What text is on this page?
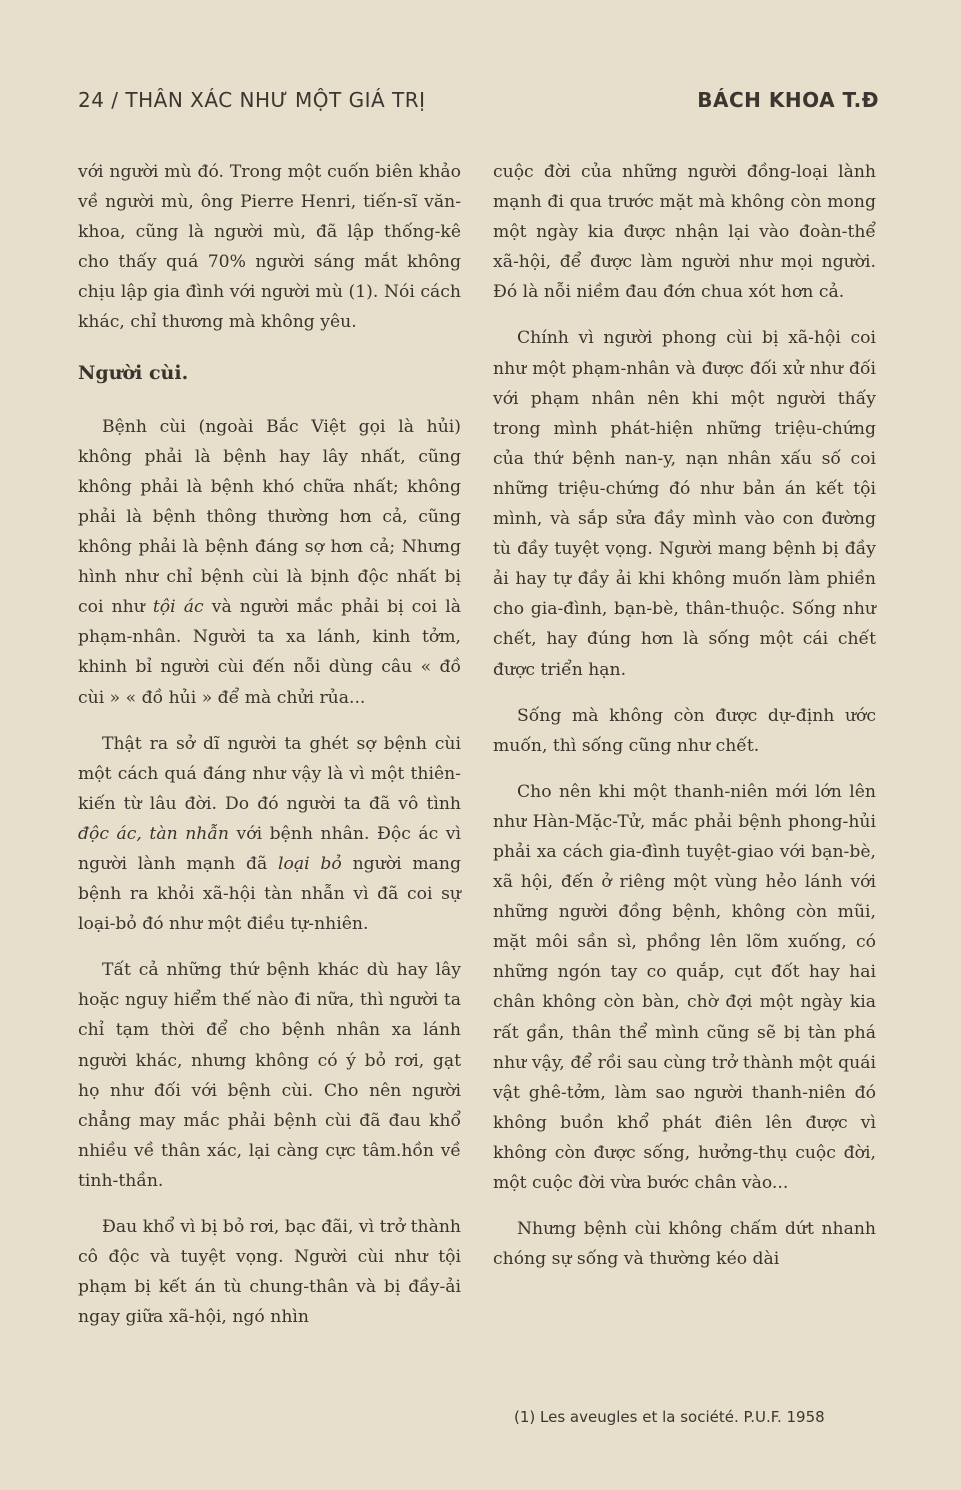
24 / THÂN XÁC NHƯ MỘT GIÁ TRỊ	BÁCH KHOA T.Đ

với người mù đó. Trong một cuốn biên khảo về người mù, ông Pierre Henri, tiến-sĩ văn-khoa, cũng là người mù, đã lập thống-kê cho thấy quá 70% người sáng mắt không chịu lập gia đình với người mù (1). Nói cách khác, chỉ thương mà không yêu.

Người cùi.

Bệnh cùi (ngoài Bắc Việt gọi là hủi) không phải là bệnh hay lây nhất, cũng không phải là bệnh khó chữa nhất; không phải là bệnh thông thường hơn cả, cũng không phải là bệnh đáng sợ hơn cả; Nhưng hình như chỉ bệnh cùi là bịnh độc nhất bị coi như tội ác và người mắc phải bị coi là phạm-nhân. Người ta xa lánh, kinh tởm, khinh bỉ người cùi đến nỗi dùng câu « đồ cùi » « đồ hủi » để mà chửi rủa...

Thật ra sở dĩ người ta ghét sợ bệnh cùi một cách quá đáng như vậy là vì một thiên-kiến từ lâu đời. Do đó người ta đã vô tình độc ác, tàn nhẫn với bệnh nhân. Độc ác vì người lành mạnh đã loại bỏ người mang bệnh ra khỏi xã-hội tàn nhẫn vì đã coi sự loại-bỏ đó như một điều tự-nhiên.

Tất cả những thứ bệnh khác dù hay lây hoặc nguy hiểm thế nào đi nữa, thì người ta chỉ tạm thời để cho bệnh nhân xa lánh người khác, nhưng không có ý bỏ rơi, gạt họ như đối với bệnh cùi. Cho nên người chẳng may mắc phải bệnh cùi đã đau khổ nhiều về thân xác, lại càng cực tâm.hồn về tinh-thần.

Đau khổ vì bị bỏ rơi, bạc đãi, vì trở thành cô độc và tuyệt vọng. Người cùi như tội phạm bị kết án tù chung-thân và bị đầy-ải ngay giữa xã-hội, ngó nhìn

cuộc đời của những người đồng-loại lành mạnh đi qua trước mặt mà không còn mong một ngày kia được nhận lại vào đoàn-thể xã-hội, để được làm người như mọi người. Đó là nỗi niềm đau đớn chua xót hơn cả.

Chính vì người phong cùi bị xã-hội coi như một phạm-nhân và được đối xử như đối với phạm nhân nên khi một người thấy trong mình phát-hiện những triệu-chứng của thứ bệnh nan-y, nạn nhân xấu số coi những triệu-chứng đó như bản án kết tội mình, và sắp sửa đầy mình vào con đường tù đầy tuyệt vọng. Người mang bệnh bị đầy ải hay tự đầy ải khi không muốn làm phiền cho gia-đình, bạn-bè, thân-thuộc. Sống như chết, hay đúng hơn là sống một cái chết được triển hạn.

Sống mà không còn được dự-định ước muốn, thì sống cũng như chết.

Cho nên khi một thanh-niên mới lớn lên như Hàn-Mặc-Tử, mắc phải bệnh phong-hủi phải xa cách gia-đình tuyệt-giao với bạn-bè, xã hội, đến ở riêng một vùng hẻo lánh với những người đồng bệnh, không còn mũi, mặt môi sần sì, phồng lên lõm xuống, có những ngón tay co quắp, cụt đốt hay hai chân không còn bàn, chờ đợi một ngày kia rất gần, thân thể mình cũng sẽ bị tàn phá như vậy, để rồi sau cùng trở thành một quái vật ghê-tởm, làm sao người thanh-niên đó không buồn khổ phát điên lên được vì không còn được sống, hưởng-thụ cuộc đời, một cuộc đời vừa bước chân vào...

Nhưng bệnh cùi không chấm dứt nhanh chóng sự sống và thường kéo dài

(1) Les aveugles et la société. P.U.F. 1958
